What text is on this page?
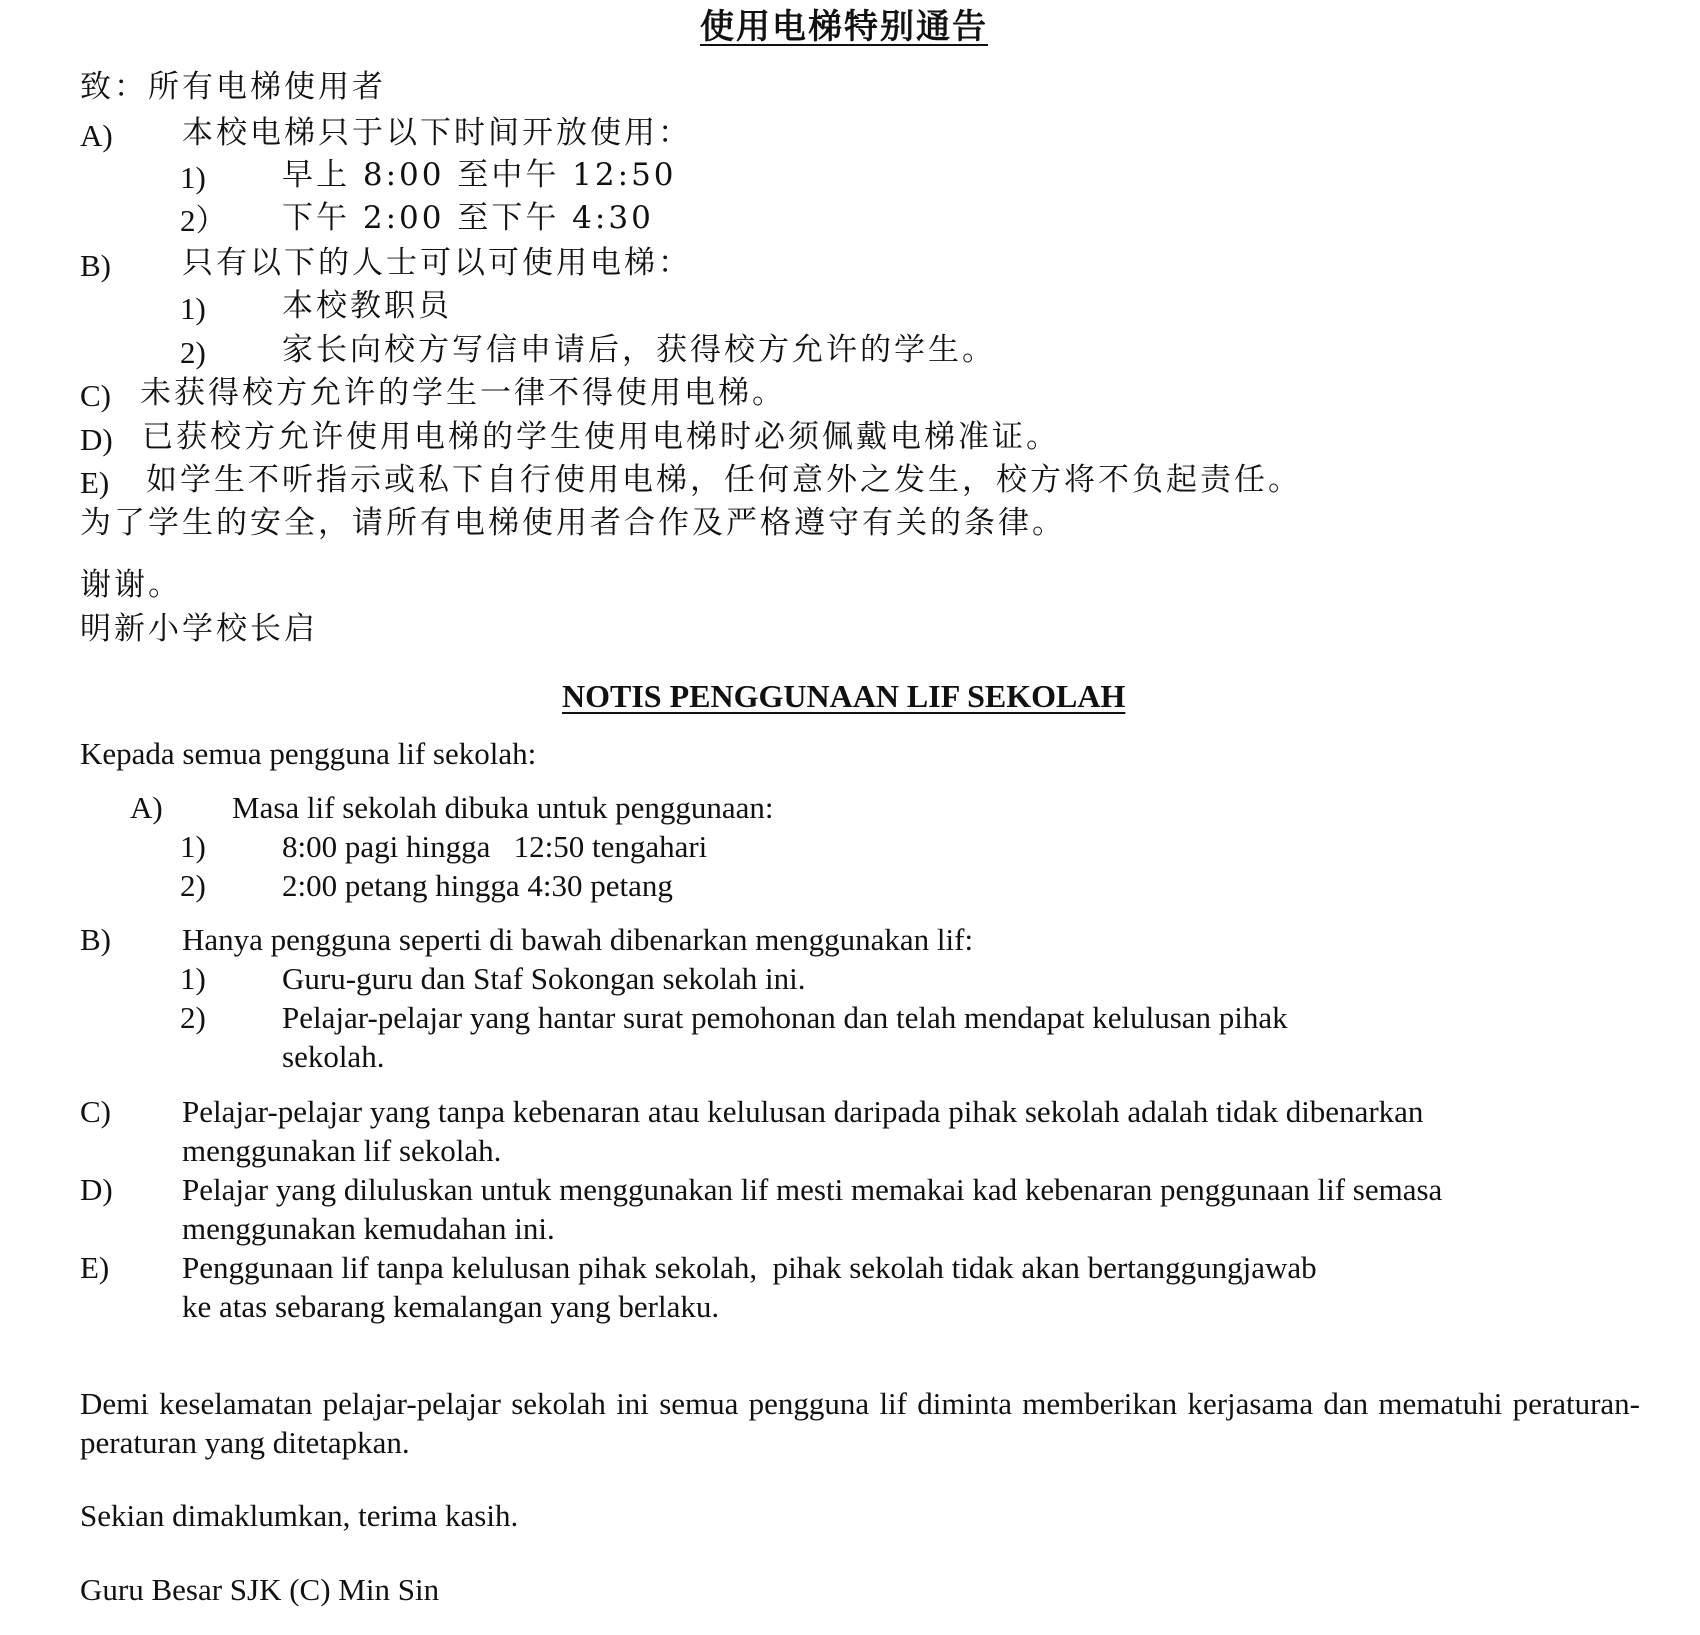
使用电梯特别通告
致：所有电梯使用者
A) 本校电梯只于以下时间开放使用：
1) 早上 8:00 至中午 12:50
2） 下午 2:00 至下午 4:30
B) 只有以下的人士可以可使用电梯：
1) 本校教职员
2) 家长向校方写信申请后，获得校方允许的学生。
C) 未获得校方允许的学生一律不得使用电梯。
D) 已获校方允许使用电梯的学生使用电梯时必须佩戴电梯准证。
E) 如学生不听指示或私下自行使用电梯，任何意外之发生，校方将不负起责任。
为了学生的安全，请所有电梯使用者合作及严格遵守有关的条律。
谢谢。
明新小学校长启
NOTIS PENGGUNAAN LIF SEKOLAH
Kepada semua pengguna lif sekolah:
A) Masa lif sekolah dibuka untuk penggunaan:
1) 8:00 pagi hingga   12:50 tengahari
2) 2:00 petang hingga 4:30 petang
B) Hanya pengguna seperti di bawah dibenarkan menggunakan lif:
1) Guru-guru dan Staf Sokongan sekolah ini.
2) Pelajar-pelajar yang hantar surat pemohonan dan telah mendapat kelulusan pihak
sekolah.
C) Pelajar-pelajar yang tanpa kebenaran atau kelulusan daripada pihak sekolah adalah tidak dibenarkan
menggunakan lif sekolah.
D) Pelajar yang diluluskan untuk menggunakan lif mesti memakai kad kebenaran penggunaan lif semasa
menggunakan kemudahan ini.
E) Penggunaan lif tanpa kelulusan pihak sekolah,  pihak sekolah tidak akan bertanggungjawab
ke atas sebarang kemalangan yang berlaku.
Demi keselamatan pelajar-pelajar sekolah ini semua pengguna lif diminta memberikan kerjasama dan mematuhi peraturan-peraturan yang ditetapkan.
Sekian dimaklumkan, terima kasih.
Guru Besar SJK (C) Min Sin
